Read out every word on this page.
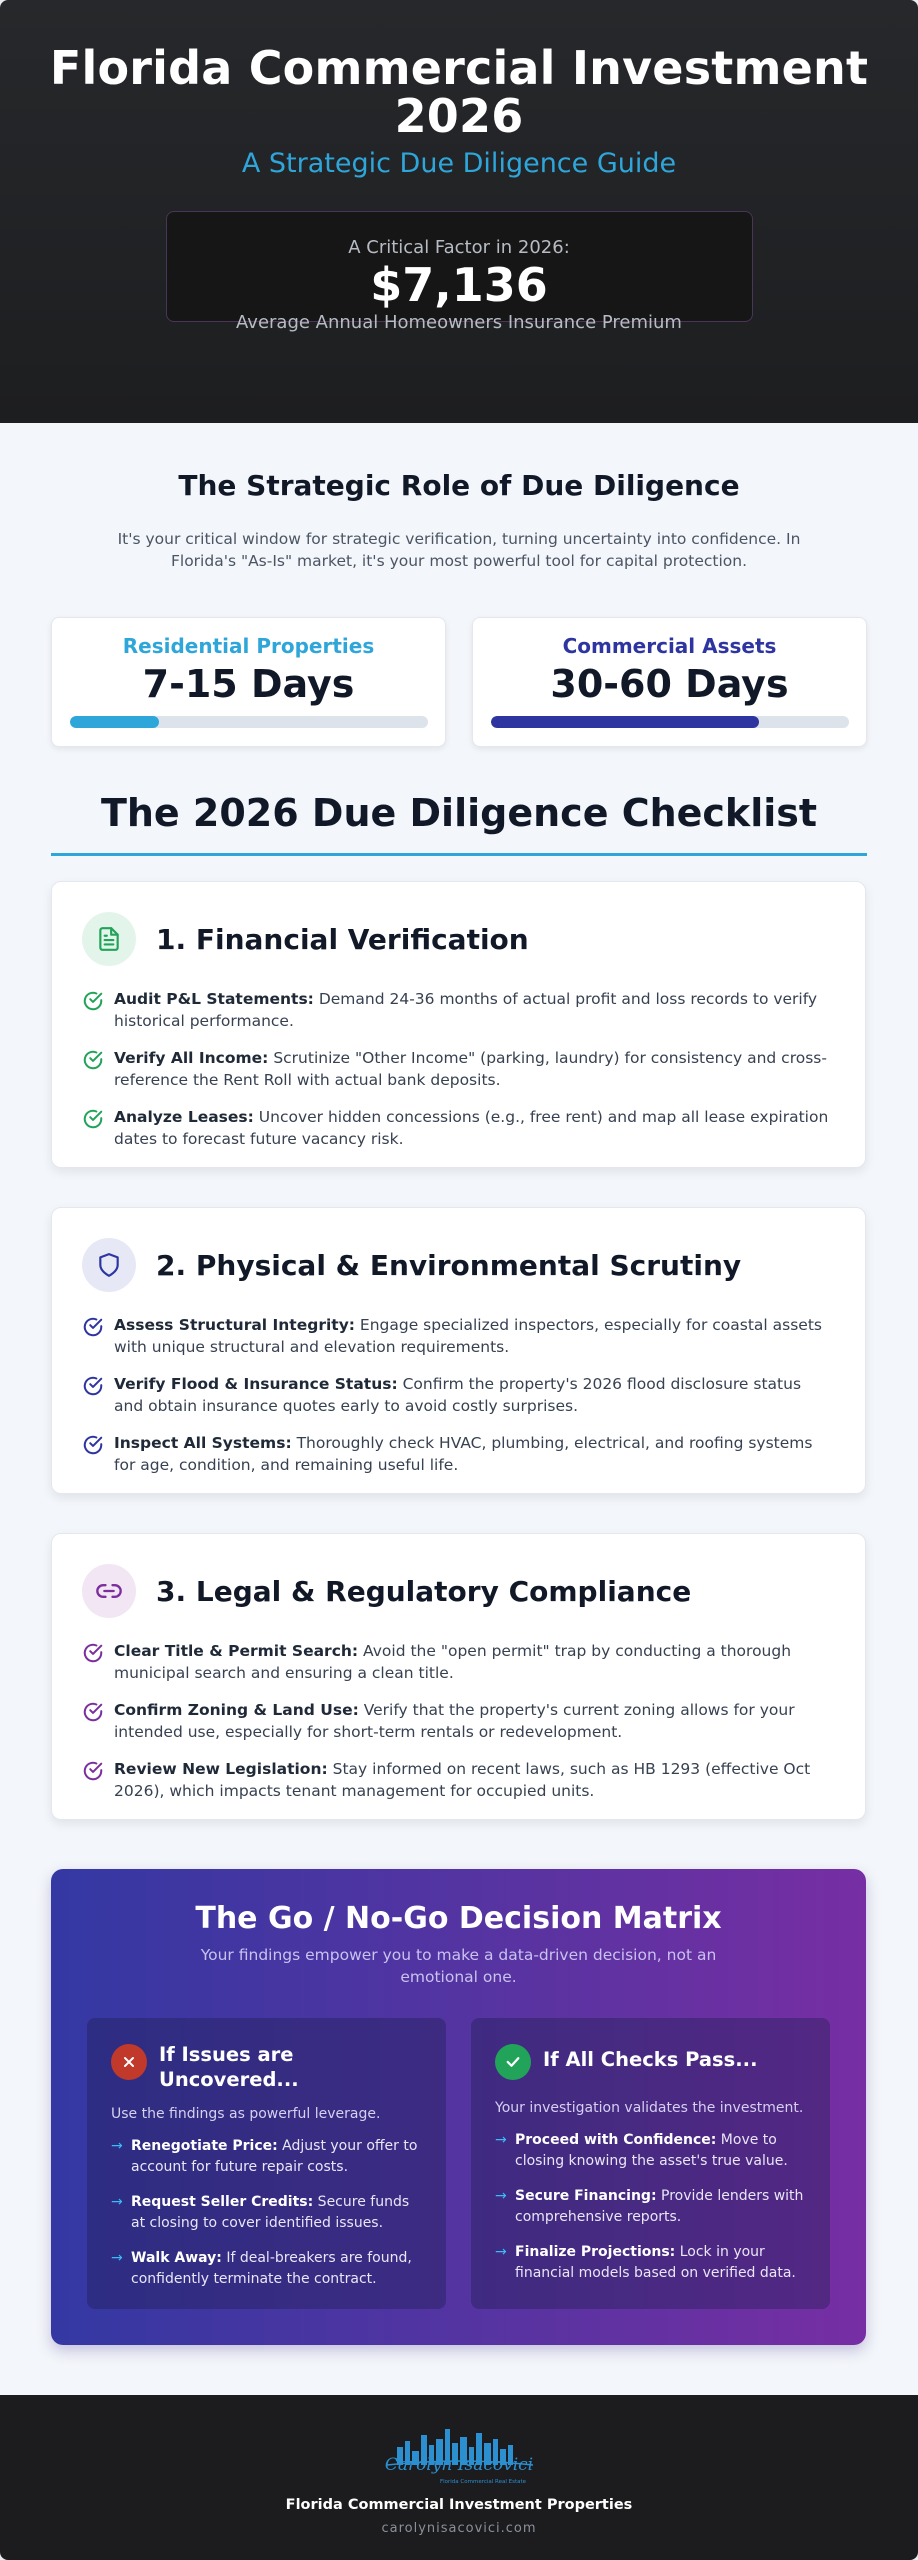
Florida Commercial Investment 2026
A Strategic Due Diligence Guide
A Critical Factor in 2026:
$7,136
Average Annual Homeowners Insurance Premium
The Strategic Role of Due Diligence

It's your critical window for strategic verification, turning uncertainty into confidence. In Florida's "As-Is" market, it's your most powerful tool for capital protection.

Residential Properties
7-15 Days
Commercial Assets
30-60 Days
The 2026 Due Diligence Checklist
1. Financial Verification
Audit P&L Statements: Demand 24-36 months of actual profit and loss records to verify historical performance.
Verify All Income: Scrutinize "Other Income" (parking, laundry) for consistency and cross-reference the Rent Roll with actual bank deposits.
Analyze Leases: Uncover hidden concessions (e.g., free rent) and map all lease expiration dates to forecast future vacancy risk.
2. Physical & Environmental Scrutiny
Assess Structural Integrity: Engage specialized inspectors, especially for coastal assets with unique structural and elevation requirements.
Verify Flood & Insurance Status: Confirm the property's 2026 flood disclosure status and obtain insurance quotes early to avoid costly surprises.
Inspect All Systems: Thoroughly check HVAC, plumbing, electrical, and roofing systems for age, condition, and remaining useful life.
3. Legal & Regulatory Compliance
Clear Title & Permit Search: Avoid the "open permit" trap by conducting a thorough municipal search and ensuring a clean title.
Confirm Zoning & Land Use: Verify that the property's current zoning allows for your intended use, especially for short-term rentals or redevelopment.
Review New Legislation: Stay informed on recent laws, such as HB 1293 (effective Oct 2026), which impacts tenant management for occupied units.
The Go / No-Go Decision Matrix
Your findings empower you to make a data-driven decision, not an emotional one.
If Issues are Uncovered...
Use the findings as powerful leverage.
→ Renegotiate Price: Adjust your offer to account for future repair costs.
→ Request Seller Credits: Secure funds at closing to cover identified issues.
→ Walk Away: If deal-breakers are found, confidently terminate the contract.
If All Checks Pass...
Your investigation validates the investment.
→ Proceed with Confidence: Move to closing knowing the asset's true value.
→ Secure Financing: Provide lenders with comprehensive reports.
→ Finalize Projections: Lock in your financial models based on verified data.
Carolyn Isacovici
Florida Commercial Real Estate
Florida Commercial Investment Properties
carolynisacovici.com
